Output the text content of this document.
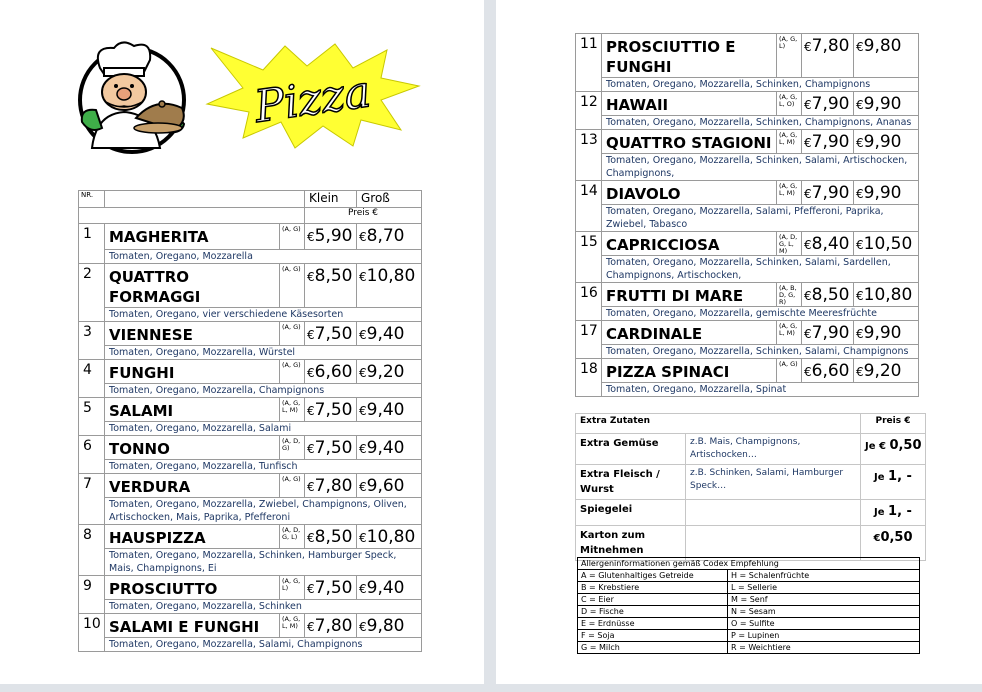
Pizza
NR.			Klein	Groß
			Preis €	
1	MAGHERITA	(A, G)	€5,90	€8,70
	Tomaten, Oregano, Mozzarella			
2	QUATTRO FORMAGGI	(A, G)	€8,50	€10,80
	Tomaten, Oregano, vier verschiedene Käsesorten			
3	VIENNESE	(A, G)	€7,50	€9,40
	Tomaten, Oregano, Mozzarella, Würstel			
4	FUNGHI	(A, G)	€6,60	€9,20
	Tomaten, Oregano, Mozzarella, Champignons			
5	SALAMI	(A, G, L, M)	€7,50	€9,40
	Tomaten, Oregano, Mozzarella, Salami			
6	TONNO	(A, D, G)	€7,50	€9,40
	Tomaten, Oregano, Mozzarella, Tunfisch			
7	VERDURA	(A, G)	€7,80	€9,60
	Tomaten, Oregano, Mozzarella, Zwiebel, Champignons, Oliven, Artischocken, Mais, Paprika, Pfefferoni			
8	HAUSPIZZA	(A, D, G, L)	€8,50	€10,80
	Tomaten, Oregano, Mozzarella, Schinken, Hamburger Speck, Mais, Champignons, Ei			
9	PROSCIUTTO	(A, G, L)	€7,50	€9,40
	Tomaten, Oregano, Mozzarella, Schinken			
10	SALAMI E FUNGHI	(A, G, L, M)	€7,80	€9,80
	Tomaten, Oregano, Mozzarella, Salami, Champignons			
11	PROSCIUTTIO E FUNGHI	(A, G, L)	€7,80	€9,80
	Tomaten, Oregano, Mozzarella, Schinken, Champignons			
12	HAWAII	(A, G, L, O)	€7,90	€9,90
	Tomaten, Oregano, Mozzarella, Schinken, Champignons, Ananas			
13	QUATTRO STAGIONI	(A, G, L, M)	€7,90	€9,90
	Tomaten, Oregano, Mozzarella, Schinken, Salami, Artischocken, Champignons,			
14	DIAVOLO	(A, G, L, M)	€7,90	€9,90
	Tomaten, Oregano, Mozzarella, Salami, Pfefferoni, Paprika, Zwiebel, Tabasco			
15	CAPRICCIOSA	(A, D, G, L, M)	€8,40	€10,50
	Tomaten, Oregano, Mozzarella, Schinken, Salami, Sardellen, Champignons, Artischocken,			
16	FRUTTI DI MARE	(A, B, D, G, R)	€8,50	€10,80
	Tomaten, Oregano, Mozzarella, gemischte Meeresfrüchte			
17	CARDINALE	(A, G, L, M)	€7,90	€9,90
	Tomaten, Oregano, Mozzarella, Schinken, Salami, Champignons			
18	PIZZA SPINACI	(A, G)	€6,60	€9,20
	Tomaten, Oregano, Mozzarella, Spinat			
Extra Zutaten		Preis €
Extra Gemüse	z.B. Mais, Champignons, Artischocken…	Je € 0,50
Extra Fleisch / Wurst	z.B. Schinken, Salami, Hamburger Speck…	Je 1, -
Spiegelei		Je 1, -
Karton zum Mitnehmen		€0,50
Allergeninformationen gemäß Codex Empfehlung	
A = Glutenhaltiges Getreide	H = Schalenfrüchte
B = Krebstiere	L = Sellerie
C = Eier	M = Senf
D = Fische	N = Sesam
E = Erdnüsse	O = Sulfite
F = Soja	P = Lupinen
G = Milch	R = Weichtiere
